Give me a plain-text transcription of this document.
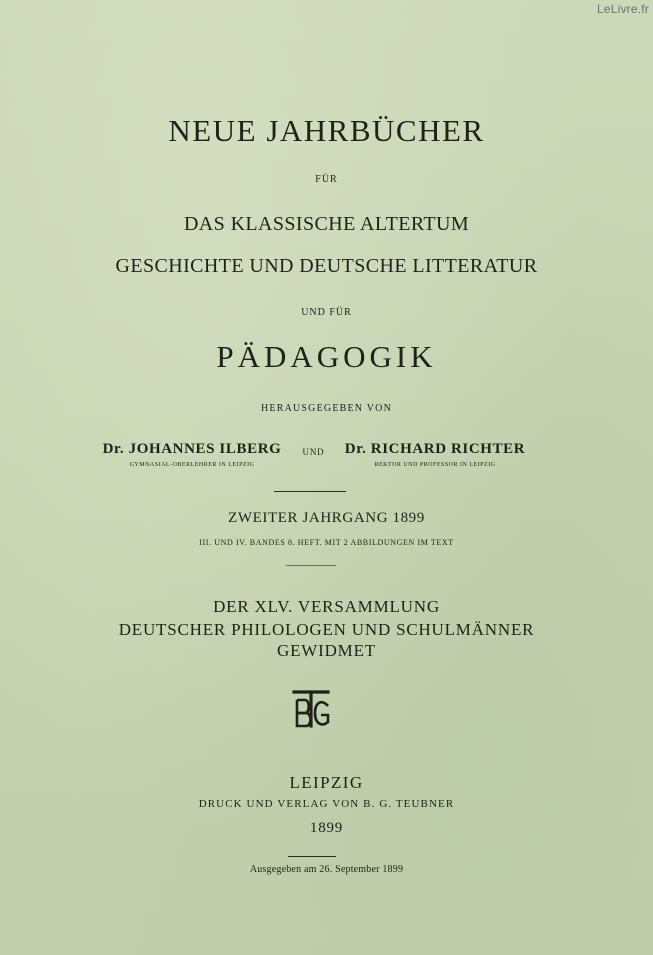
LeLivre.fr
NEUE JAHRBÜCHER
FÜR
DAS KLASSISCHE ALTERTUM
GESCHICHTE UND DEUTSCHE LITTERATUR
UND FÜR
PÄDAGOGIK
HERAUSGEGEBEN VON
Dr. JOHANNES ILBERG
GYMNASIAL-OBERLEHRER IN LEIPZIG
UND	Dr. RICHARD RICHTER
REKTOR UND PROFESSOR IN LEIPZIG
ZWEITER JAHRGANG 1899
III. UND IV. BANDES 8. HEFT. MIT 2 ABBILDUNGEN IM TEXT
DER XLV. VERSAMMLUNG
DEUTSCHER PHILOLOGEN UND SCHULMÄNNER
GEWIDMET
LEIPZIG
DRUCK UND VERLAG VON B. G. TEUBNER
1899
Ausgegeben am 26. September 1899
